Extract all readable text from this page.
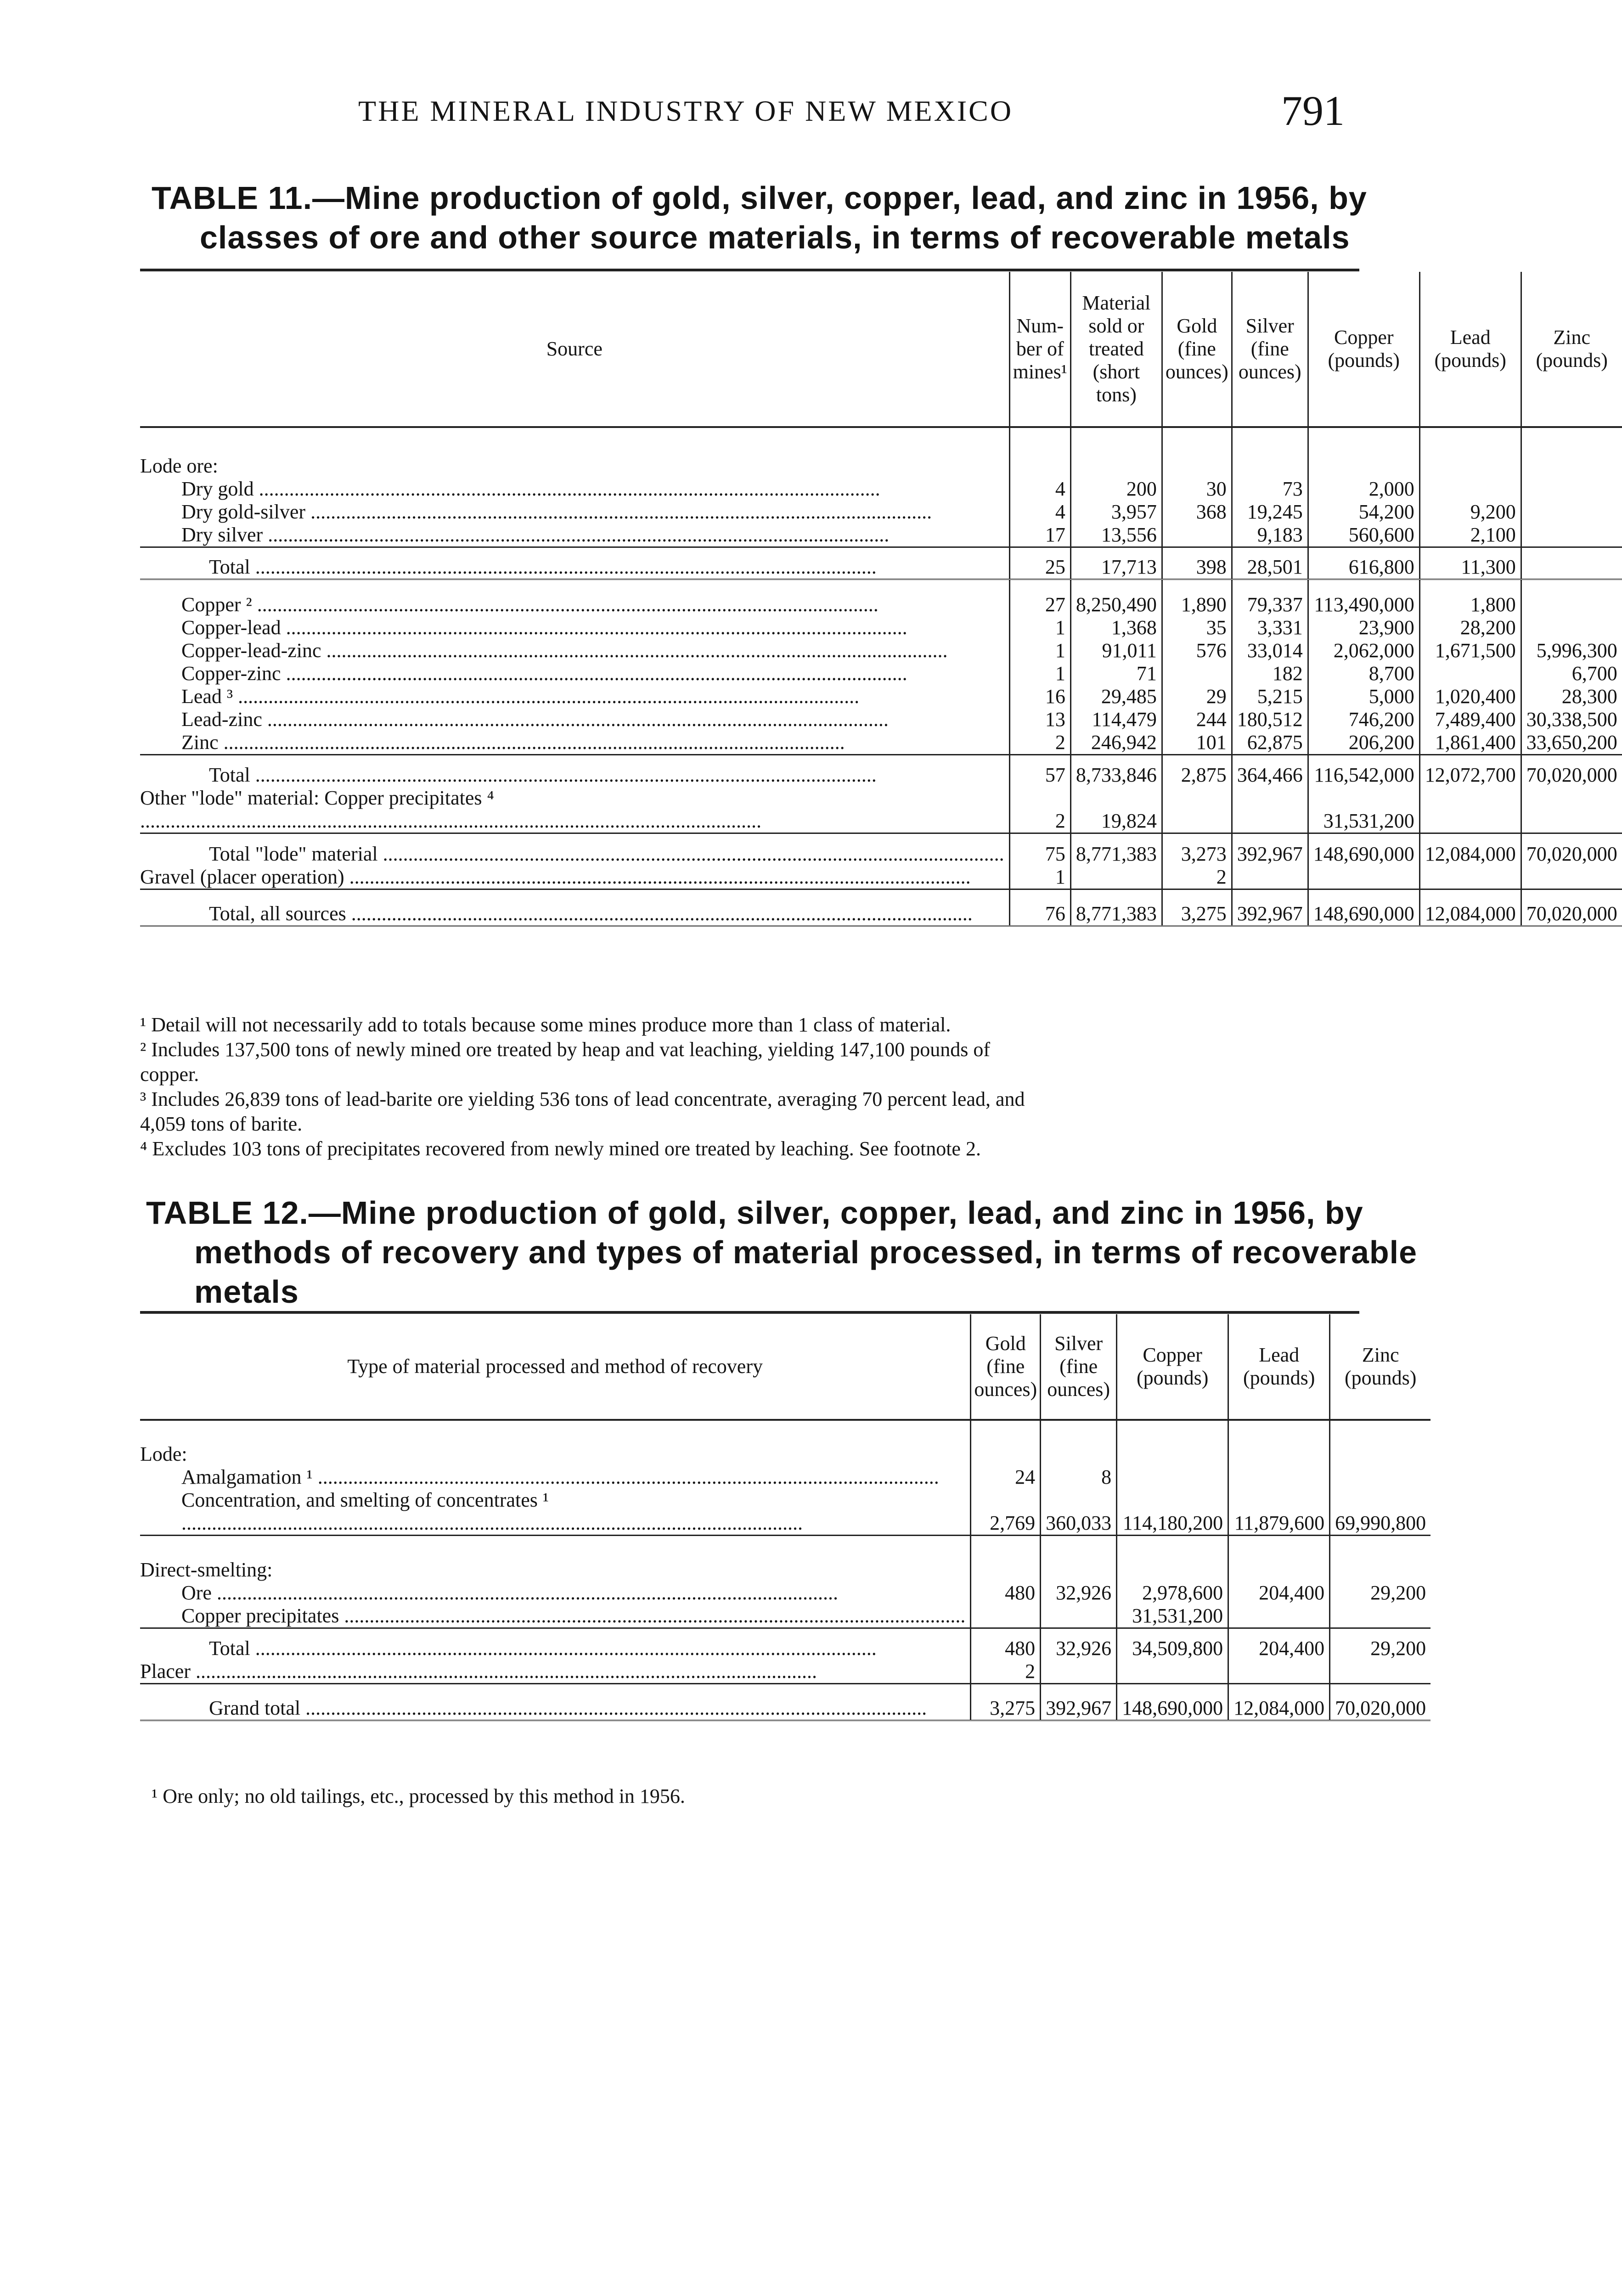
THE MINERAL INDUSTRY OF NEW MEXICO	791
TABLE 11.—Mine production of gold, silver, copper, lead, and zinc in 1956, by
classes of ore and other source materials, in terms of recoverable metals
Source	Num- ber of mines¹	Material sold or treated (short tons)	Gold (fine ounces)	Silver (fine ounces)	Copper (pounds)	Lead (pounds)	Zinc (pounds)

Lode ore:							

Dry gold .....	4	200	30	73	2,000		

Dry gold-silver .....	4	3,957	368	19,245	54,200	9,200	

Dry silver .....	17	13,556		9,183	560,600	2,100	

Total .....	25	17,713	398	28,501	616,800	11,300	

Copper ² .....	27	8,250,490	1,890	79,337	113,490,000	1,800	

Copper-lead .....	1	1,368	35	3,331	23,900	28,200	

Copper-lead-zinc .....	1	91,011	576	33,014	2,062,000	1,671,500	5,996,300

Copper-zinc .....	1	71		182	8,700		6,700

Lead ³ .....	16	29,485	29	5,215	5,000	1,020,400	28,300

Lead-zinc .....	13	114,479	244	180,512	746,200	7,489,400	30,338,500

Zinc .....	2	246,942	101	62,875	206,200	1,861,400	33,650,200

Total .....	57	8,733,846	2,875	364,466	116,542,000	12,072,700	70,020,000

Other "lode" material: Copper precipitates ⁴ .....	2	19,824			31,531,200		

Total "lode" material .....	75	8,771,383	3,273	392,967	148,690,000	12,084,000	70,020,000

Gravel (placer operation) .....	1		2				

Total, all sources .....	76	8,771,383	3,275	392,967	148,690,000	12,084,000	70,020,000

¹ Detail will not necessarily add to totals because some mines produce more than 1 class of material.

² Includes 137,500 tons of newly mined ore treated by heap and vat leaching, yielding 147,100 pounds of

copper.

³ Includes 26,839 tons of lead-barite ore yielding 536 tons of lead concentrate, averaging 70 percent lead, and

4,059 tons of barite.

⁴ Excludes 103 tons of precipitates recovered from newly mined ore treated by leaching. See footnote 2.

TABLE 12.—Mine production of gold, silver, copper, lead, and zinc in 1956, by
methods of recovery and types of material processed, in terms of recoverable
metals
Type of material processed and method of recovery	Gold (fine ounces)	Silver (fine ounces)	Copper (pounds)	Lead (pounds)	Zinc (pounds)

Lode:					

Amalgamation ¹ .....	24	8			

Concentration, and smelting of concentrates ¹ .....	2,769	360,033	114,180,200	11,879,600	69,990,800

Direct-smelting:					

Ore .....	480	32,926	2,978,600	204,400	29,200

Copper precipitates .....			31,531,200		

Total .....	480	32,926	34,509,800	204,400	29,200

Placer .....	2				

Grand total .....	3,275	392,967	148,690,000	12,084,000	70,020,000

¹ Ore only; no old tailings, etc., processed by this method in 1956.
